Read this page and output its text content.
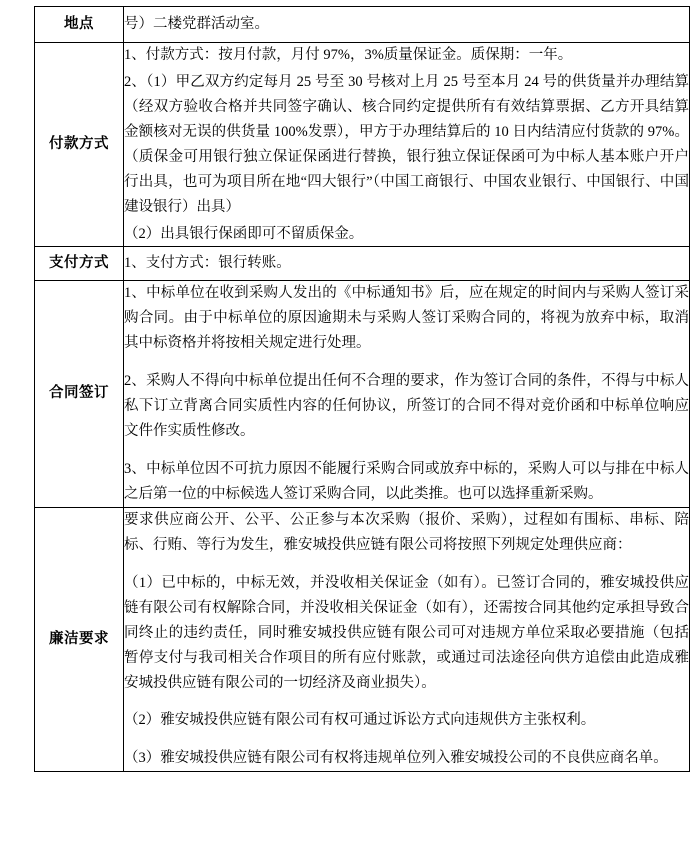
地点	号）二楼党群活动室。

付款方式	1、付款方式：按月付款，月付 97%，3%质量保证金。质保期：一年。

2、（1）甲乙双方约定每月 25 号至 30 号核对上月 25 号至本月 24 号的供货量并办理结算（经双方验收合格并共同签字确认、核合同约定提供所有有效结算票据、乙方开具结算金额核对无误的供货量 100%发票），甲方于办理结算后的 10 日内结清应付货款的 97%。（质保金可用银行独立保证保函进行替换，银行独立保证保函可为中标人基本账户开户行出具，也可为项目所在地“四大银行”（中国工商银行、中国农业银行、中国银行、中国建设银行）出具）

（2）出具银行保函即可不留质保金。

支付方式	1、支付方式：银行转账。

合同签订	1、中标单位在收到采购人发出的《中标通知书》后，应在规定的时间内与采购人签订采购合同。由于中标单位的原因逾期未与采购人签订采购合同的，将视为放弃中标，取消其中标资格并将按相关规定进行处理。

2、采购人不得向中标单位提出任何不合理的要求，作为签订合同的条件，不得与中标人私下订立背离合同实质性内容的任何协议，所签订的合同不得对竞价函和中标单位响应文件作实质性修改。

3、中标单位因不可抗力原因不能履行采购合同或放弃中标的，采购人可以与排在中标人之后第一位的中标候选人签订采购合同，以此类推。也可以选择重新采购。

廉洁要求	要求供应商公开、公平、公正参与本次采购（报价、采购），过程如有围标、串标、陪标、行贿、等行为发生，雅安城投供应链有限公司将按照下列规定处理供应商：

（1）已中标的，中标无效，并没收相关保证金（如有）。已签订合同的，雅安城投供应链有限公司有权解除合同，并没收相关保证金（如有），还需按合同其他约定承担导致合同终止的违约责任，同时雅安城投供应链有限公司可对违规方单位采取必要措施（包括暂停支付与我司相关合作项目的所有应付账款，或通过司法途径向供方追偿由此造成雅安城投供应链有限公司的一切经济及商业损失）。

（2）雅安城投供应链有限公司有权可通过诉讼方式向违规供方主张权利。

（3）雅安城投供应链有限公司有权将违规单位列入雅安城投公司的不良供应商名单。
